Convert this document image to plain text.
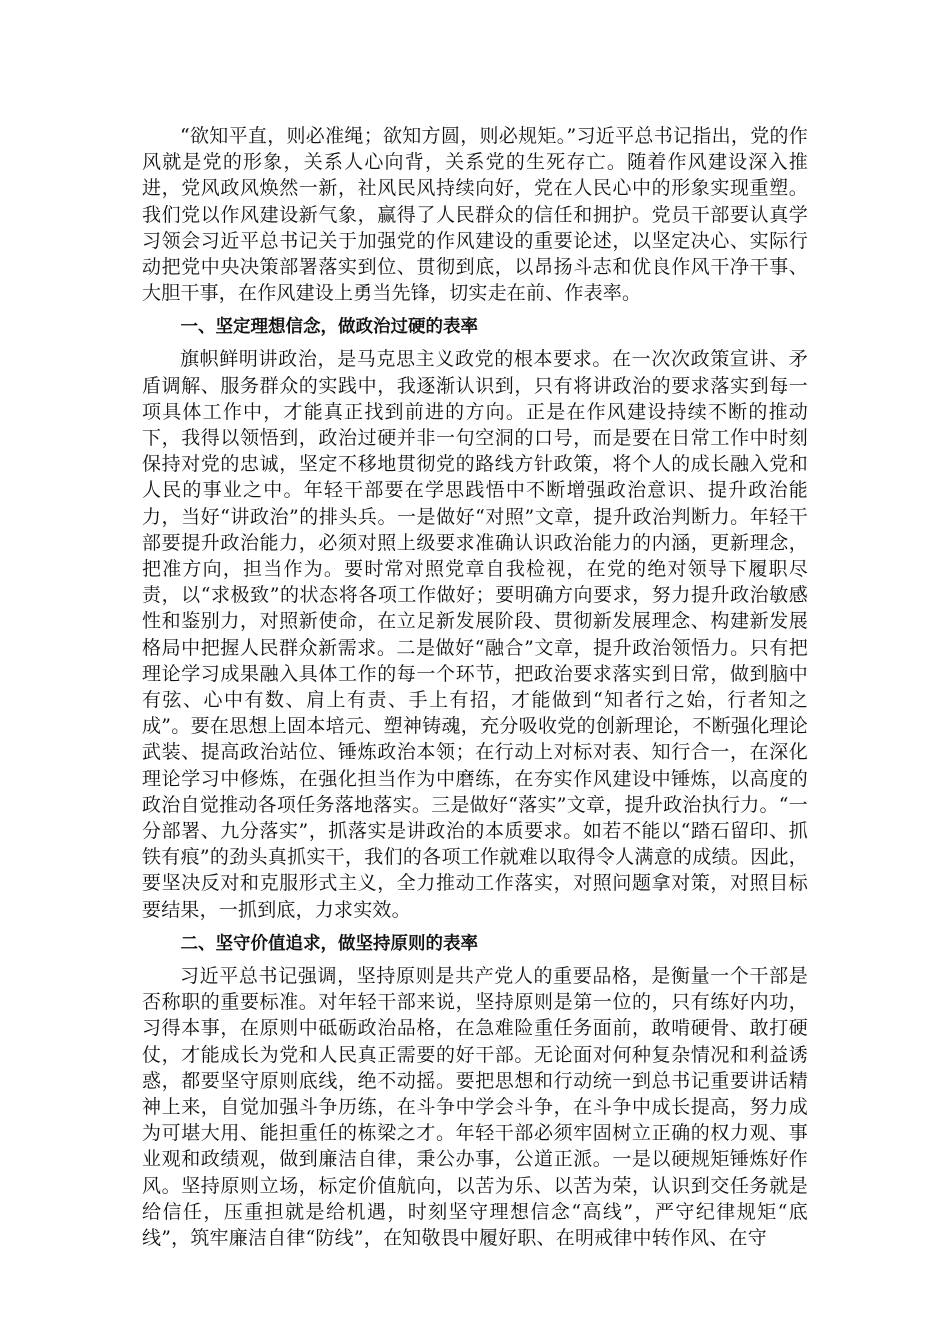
“欲知平直，则必准绳；欲知方圆，则必规矩。”习近平总书记指出，党的作风就是党的形象，关系人心向背，关系党的生死存亡。随着作风建设深入推进，党风政风焕然一新，社风民风持续向好，党在人民心中的形象实现重塑。我们党以作风建设新气象，赢得了人民群众的信任和拥护。党员干部要认真学习领会习近平总书记关于加强党的作风建设的重要论述，以坚定决心、实际行动把党中央决策部署落实到位、贯彻到底，以昂扬斗志和优良作风干净干事、大胆干事，在作风建设上勇当先锋，切实走在前、作表率。

一、坚定理想信念，做政治过硬的表率

旗帜鲜明讲政治，是马克思主义政党的根本要求。在一次次政策宣讲、矛盾调解、服务群众的实践中，我逐渐认识到，只有将讲政治的要求落实到每一项具体工作中，才能真正找到前进的方向。正是在作风建设持续不断的推动下，我得以领悟到，政治过硬并非一句空洞的口号，而是要在日常工作中时刻保持对党的忠诚，坚定不移地贯彻党的路线方针政策，将个人的成长融入党和人民的事业之中。年轻干部要在学思践悟中不断增强政治意识、提升政治能力，当好“讲政治”的排头兵。一是做好“对照”文章，提升政治判断力。年轻干部要提升政治能力，必须对照上级要求准确认识政治能力的内涵，更新理念，把准方向，担当作为。要时常对照党章自我检视，在党的绝对领导下履职尽责，以“求极致”的状态将各项工作做好；要明确方向要求，努力提升政治敏感性和鉴别力，对照新使命，在立足新发展阶段、贯彻新发展理念、构建新发展格局中把握人民群众新需求。二是做好“融合”文章，提升政治领悟力。只有把理论学习成果融入具体工作的每一个环节，把政治要求落实到日常，做到脑中有弦、心中有数、肩上有责、手上有招，才能做到“知者行之始，行者知之成”。要在思想上固本培元、塑神铸魂，充分吸收党的创新理论，不断强化理论武装、提高政治站位、锤炼政治本领；在行动上对标对表、知行合一，在深化理论学习中修炼，在强化担当作为中磨练，在夯实作风建设中锤炼，以高度的政治自觉推动各项任务落地落实。三是做好“落实”文章，提升政治执行力。“一分部署、九分落实”，抓落实是讲政治的本质要求。如若不能以“踏石留印、抓铁有痕”的劲头真抓实干，我们的各项工作就难以取得令人满意的成绩。因此，要坚决反对和克服形式主义，全力推动工作落实，对照问题拿对策，对照目标要结果，一抓到底，力求实效。

二、坚守价值追求，做坚持原则的表率

习近平总书记强调，坚持原则是共产党人的重要品格，是衡量一个干部是否称职的重要标准。对年轻干部来说，坚持原则是第一位的，只有练好内功，习得本事，在原则中砥砺政治品格，在急难险重任务面前，敢啃硬骨、敢打硬仗，才能成长为党和人民真正需要的好干部。无论面对何种复杂情况和利益诱惑，都要坚守原则底线，绝不动摇。要把思想和行动统一到总书记重要讲话精神上来，自觉加强斗争历练，在斗争中学会斗争，在斗争中成长提高，努力成为可堪大用、能担重任的栋梁之才。年轻干部必须牢固树立正确的权力观、事业观和政绩观，做到廉洁自律，秉公办事，公道正派。一是以硬规矩锤炼好作风。坚持原则立场，标定价值航向，以苦为乐、以苦为荣，认识到交任务就是给信任，压重担就是给机遇，时刻坚守理想信念“高线”，严守纪律规矩“底线”，筑牢廉洁自律“防线”，在知敬畏中履好职、在明戒律中转作风、在守
